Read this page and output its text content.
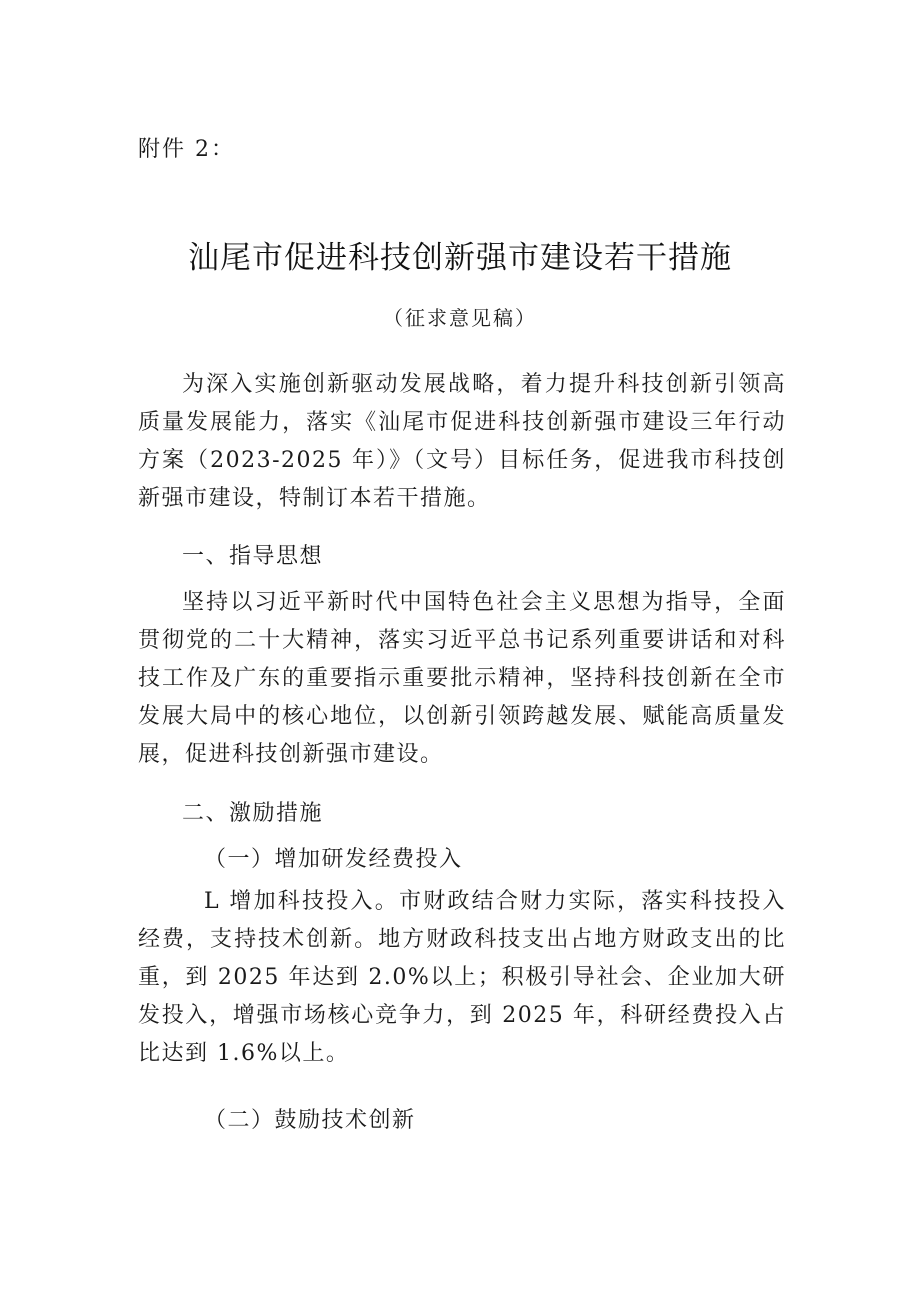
附件 2：
汕尾市促进科技创新强市建设若干措施
（征求意见稿）
为深入实施创新驱动发展战略，着力提升科技创新引领高质量发展能力，落实《汕尾市促进科技创新强市建设三年行动方案（2023-2025 年）》（文号）目标任务，促进我市科技创新强市建设，特制订本若干措施。
一、指导思想
坚持以习近平新时代中国特色社会主义思想为指导，全面贯彻党的二十大精神，落实习近平总书记系列重要讲话和对科技工作及广东的重要指示重要批示精神，坚持科技创新在全市发展大局中的核心地位，以创新引领跨越发展、赋能高质量发展，促进科技创新强市建设。
二、激励措施
（一）增加研发经费投入
L 增加科技投入。市财政结合财力实际，落实科技投入经费，支持技术创新。地方财政科技支出占地方财政支出的比重，到 2025 年达到 2.0%以上；积极引导社会、企业加大研发投入，增强市场核心竞争力，到 2025 年，科研经费投入占比达到 1.6%以上。
（二）鼓励技术创新
